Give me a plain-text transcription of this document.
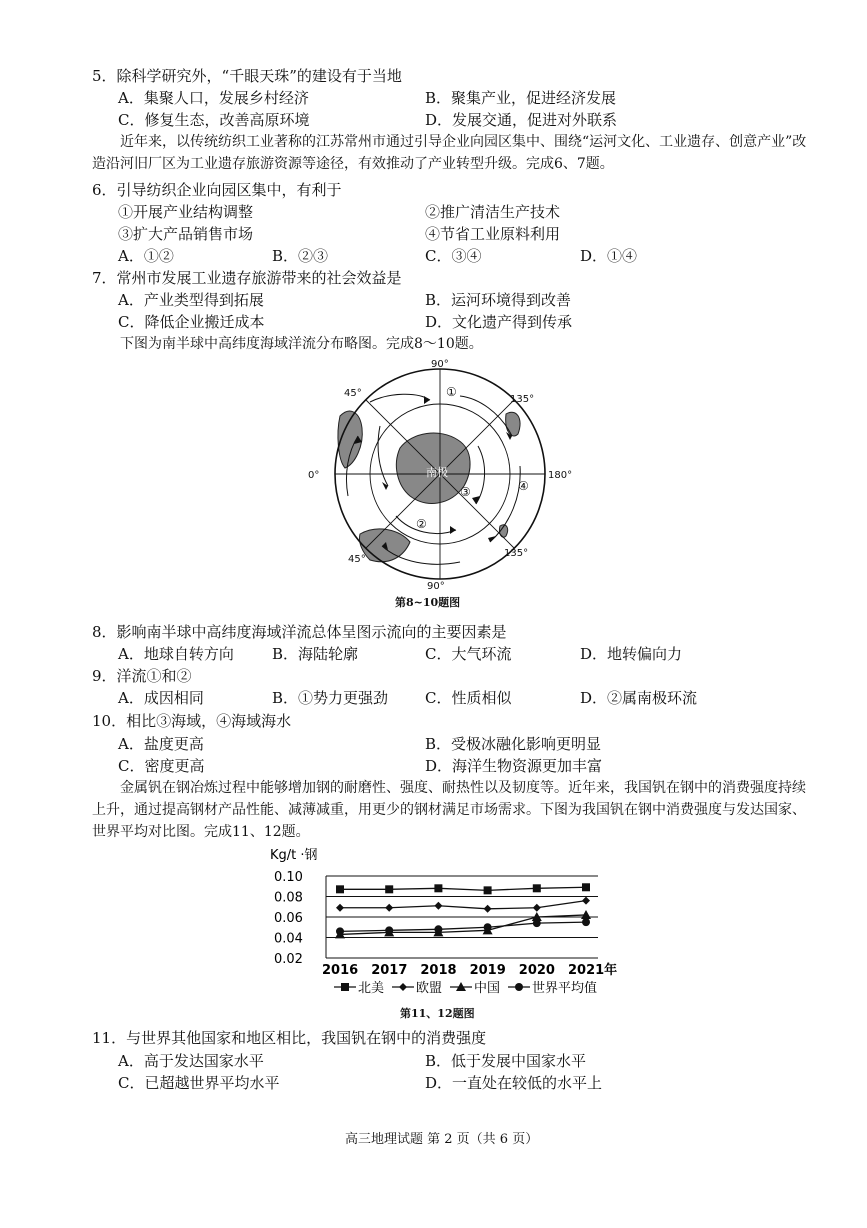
5．除科学研究外，“千眼天珠”的建设有于当地
A．集聚人口，发展乡村经济	B．聚集产业，促进经济发展
C．修复生态，改善高原环境	D．发展交通，促进对外联系
近年来，以传统纺织工业著称的江苏常州市通过引导企业向园区集中、围绕“运河文化、工业遗存、创意产业”改造沿河旧厂区为工业遗存旅游资源等途径，有效推动了产业转型升级。完成6、7题。
6．引导纺织企业向园区集中，有利于
①开展产业结构调整	②推广清洁生产技术
③扩大产品销售市场	④节省工业原料利用
A．①②	B．②③	C．③④	D．①④
7．常州市发展工业遗存旅游带来的社会效益是
A．产业类型得到拓展	B．运河环境得到改善
C．降低企业搬迁成本	D．文化遗产得到传承
下图为南半球中高纬度海域洋流分布略图。完成8～10题。
90°
90°
0°	180°
135°
135°
45°
45°
南极
①
②
③	④
第8~10题图
8．影响南半球中高纬度海域洋流总体呈图示流向的主要因素是
A．地球自转方向	B．海陆轮廓	C．大气环流	D．地转偏向力
9．洋流①和②
A．成因相同	B．①势力更强劲 C．性质相似	D．②属南极环流
10．相比③海域，④海域海水
A．盐度更高	B．受极冰融化影响更明显
C．密度更高	D．海洋生物资源更加丰富
金属钒在钢冶炼过程中能够增加钢的耐磨性、强度、耐热性以及韧度等。近年来，我国钒在钢中的消费强度持续上升，通过提高钢材产品性能、减薄减重，用更少的钢材满足市场需求。下图为我国钒在钢中消费强度与发达国家、世界平均对比图。完成11、12题。
Kg/t ·钢
0.02
0.04
0.06
0.08
0.10
2016 2017 2018 2019 2020 2021年
北美 欧盟 中国 世界平均值
第11、12题图
11．与世界其他国家和地区相比，我国钒在钢中的消费强度
A．高于发达国家水平	B．低于发展中国家水平
C．已超越世界平均水平	D．一直处在较低的水平上
高三地理试题 第 2 页（共 6 页）
